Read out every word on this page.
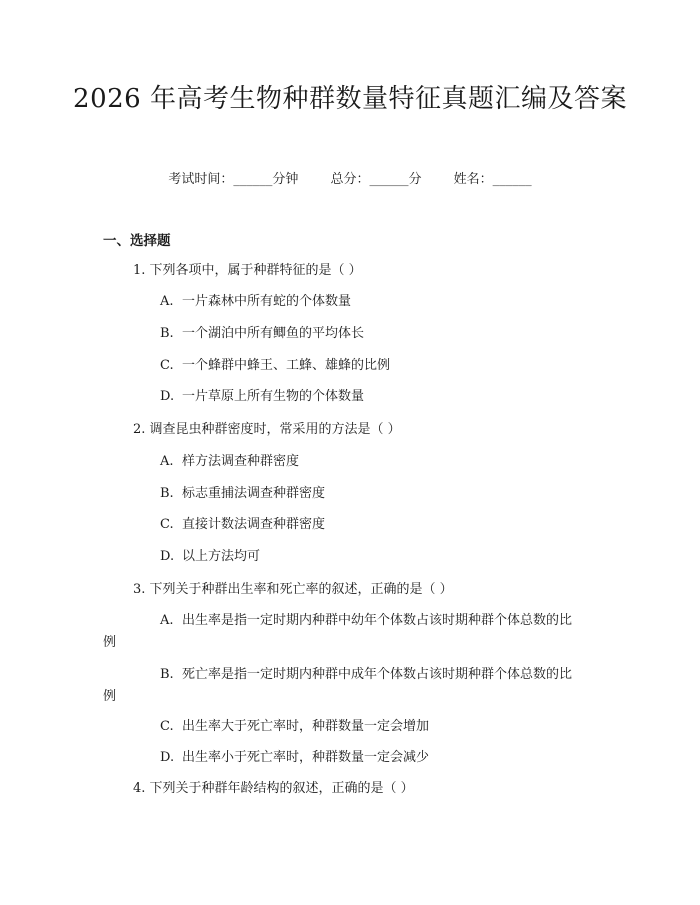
2026 年高考生物种群数量特征真题汇编及答案
考试时间：______分钟 总分：______分 姓名：______
一、选择题
1. 下列各项中，属于种群特征的是（ ）
A. 一片森林中所有蛇的个体数量
B. 一个湖泊中所有鲫鱼的平均体长
C. 一个蜂群中蜂王、工蜂、雄蜂的比例
D. 一片草原上所有生物的个体数量
2. 调查昆虫种群密度时，常采用的方法是（ ）
A. 样方法调查种群密度
B. 标志重捕法调查种群密度
C. 直接计数法调查种群密度
D. 以上方法均可
3. 下列关于种群出生率和死亡率的叙述，正确的是（ ）
A. 出生率是指一定时期内种群中幼年个体数占该时期种群个体总数的比
例
B. 死亡率是指一定时期内种群中成年个体数占该时期种群个体总数的比
例
C. 出生率大于死亡率时，种群数量一定会增加
D. 出生率小于死亡率时，种群数量一定会减少
4. 下列关于种群年龄结构的叙述，正确的是（ ）
